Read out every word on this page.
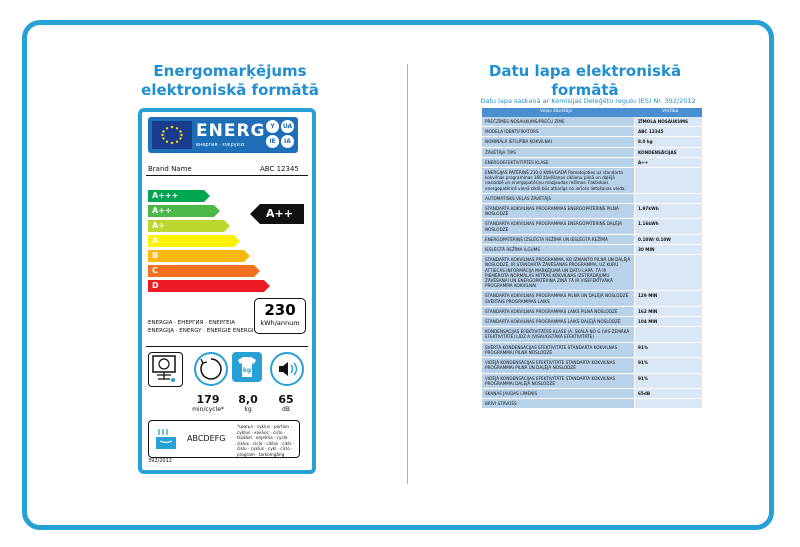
Energomarķējums
elektroniskā formātā
Datu lapa elektroniskā
formātā
Datu lapa saskaņā ar Komisijas Deleģēto regulu (ES) Nr. 392/2012
ENERG
енергия · ενεργεια
Y	UA
IE	IA
Brand Name	ABC 12345
A+++
A++
A+
A
B
C
D
A++
230
kWh/annum
ENERGIA · ЕНЕРГИЯ · ΕΝΕΡΓΕΙΑ ENERGIJA · ENERGY · ENERGIE ENERGI
kg
179
min/cycle*
8,0
kg
65
dB
ABCDEFG
*цикъл · cyklus · portion · cyklus · κύκλος · ciclo · tsükkel · ohjelma · cycle · ciklus · ciclo · ciklas · cikls · ċiklu · cyklus · cykl · ciclo · program · torkomgång
392/2012
Veļas žāvētājs	Vērtība
PREČZĪMES NOSAUKUMS/PREČU ZĪME	ZĪMOLA NOSAUKUMS
MODEĻA IDENTIFIKATORS	ABC 12345
NOMINĀLĀ IETILPĪBA KOKVILNAI	8.0 kg
ŽĀVĒTĀJA TIPS	KONDENSĀCIJAS
ENERGOEFEKTIVITĀTES KLASE	A++
ENERĢIJAS PATĒRIŅŠ 230,0 KWH/GADĀ Pamatojoties uz standarta kokvilnas programmas 160 žāvēšanas ciklienu pilnā un daļējā noslodzē un energopatēriņu mazjaudas režīmos. Faktiskais energopatēriņš vienā ciklā būs atkarīgs no ierīces lietošanas veida.
AUTOMĀTISKS VEĻAS ŽĀVĒTĀJS
STANDARTA KOKVILNAS PROGRAMMAS ENERGOPATĒRIŅŠ PILNĀ NOSLODZĒ
1.97kWh
STANDARTA KOKVILNAS PROGRAMMAS ENERGOPATĒRIŅŠ DAĻĒJĀ NOSLODZĒ
1.16kWh
ENERGOPATĒRIŅŠ IZSLĒGTA REŽĪMĀ UN IESLĒGTĀ REŽĪMĀ	0.10W/ 0.10W
IESLĒGTĀ REŽĪMA ILGUMS	30 MIN
STANDARTA KOKVILNAS PROGRAMMA, KO IZMANTO PILNĀ UN DAĻĒJĀ NOSLODZĒ, IR STANDARTA ŽĀVĒŠANAS PROGRAMMA, UZ KURU ATTIECAS INFORMĀCIJA MARĶĒJUMĀ UN DATU LAPĀ. TĀ IR PIEMĒROTA NORMĀLAS MITRAS KOKVILNAS IZSTRĀDĀJUMU ŽĀVĒŠANAI UN ENERGOPATĒRIŅA ZIŅĀ TĀ IR VISEFEKTĪVĀKĀ PROGRAMMA KOKVILNAI
STANDARTA KOKVILNAS PROGRAMMAS PILNĀ UN DAĻĒJĀ NOSLODZĒ SVĒRTAIS PROGRAMMAS LAIKS
129 MIN
STANDARTA KOKVILNAS PROGRAMMAS LAIKS PILNĀ NOSLODZĒ	162 MIN
STANDARTA KOKVILNAS PROGRAMMAS LAIKS DAĻĒJĀ NOSLODZĒ	104 MIN
KONDENSĀCIJAS EFEKTIVITĀTES KLASE (A: SKALĀ NO G (VIS-ZEMĀKĀ EFEKTIVITĀTE) LĪDZ A (VISAUGSTĀKĀ EFEKTIVITĀTE)
SVĒRTĀ KONDENSĀCIJAS EFEKTIVITĀTE STANDARTA KOKVILNAS PROGRAMMAI PILNĀ NOSLODZĒ
91%
VIDĒJĀ KONDENSĀCIJAS EFEKTIVITĀTE STANDARTA KOKVILNAS PROGRAMMAI PILNĀ UN DAĻĒJĀ NOSLODZĒ
91%
VIDĒJĀ KONDENSĀCIJAS EFEKTIVITĀTE STANDARTA KOKVILNAS PROGRAMMAI DAĻĒJĀ NOSLODZĒ
91%
SKAŅAS JAUDAS LĪMENIS	65dB
BRĪVI STĀVOŠS
